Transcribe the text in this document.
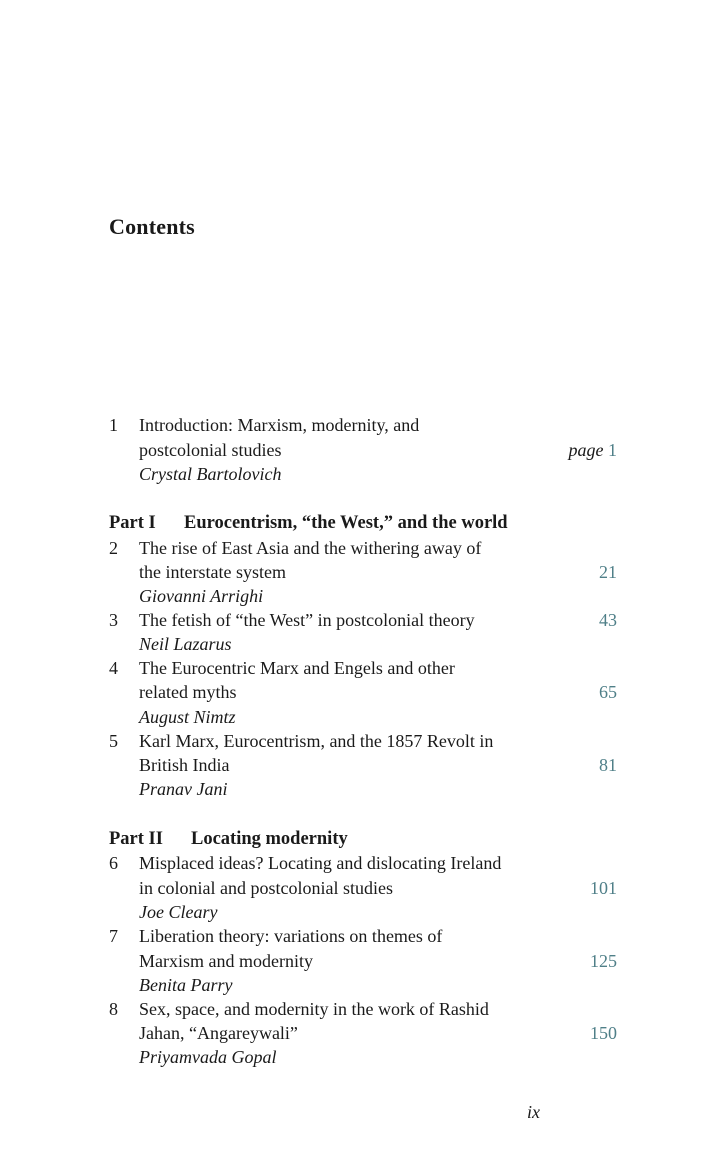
Contents
1 Introduction: Marxism, modernity, and
postcolonial studies	page 1
Crystal Bartolovich
Part I Eurocentrism, “the West,” and the world
2 The rise of East Asia and the withering away of
the interstate system	21
Giovanni Arrighi
3 The fetish of “the West” in postcolonial theory	43
Neil Lazarus
4 The Eurocentric Marx and Engels and other
related myths	65
August Nimtz
5 Karl Marx, Eurocentrism, and the 1857 Revolt in
British India	81
Pranav Jani
Part II Locating modernity
6 Misplaced ideas? Locating and dislocating Ireland
in colonial and postcolonial studies	101
Joe Cleary
7 Liberation theory: variations on themes of
Marxism and modernity	125
Benita Parry
8 Sex, space, and modernity in the work of Rashid
Jahan, “Angareywali”	150
Priyamvada Gopal
ix
